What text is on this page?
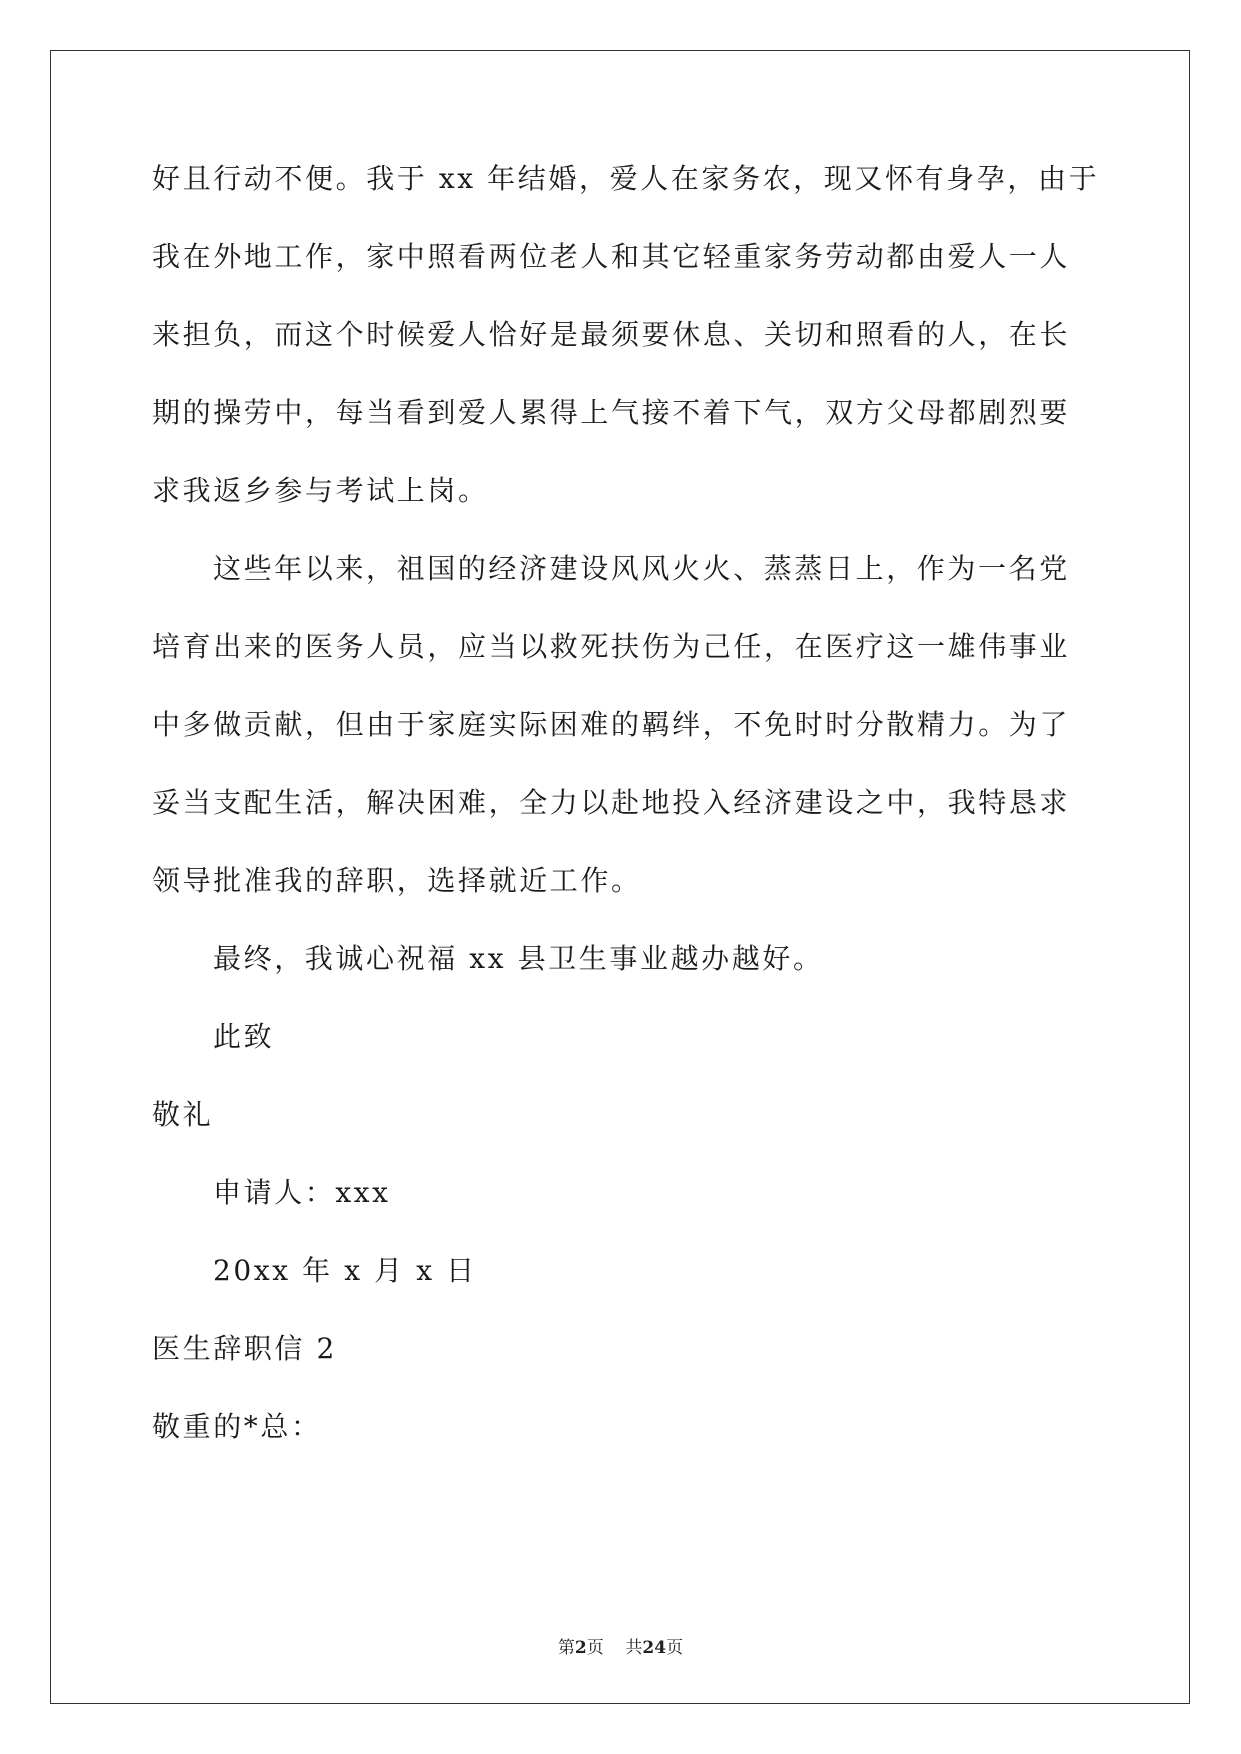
好且行动不便。我于 xx 年结婚，爱人在家务农，现又怀有身孕，由于
我在外地工作，家中照看两位老人和其它轻重家务劳动都由爱人一人
来担负，而这个时候爱人恰好是最须要休息、关切和照看的人，在长
期的操劳中，每当看到爱人累得上气接不着下气，双方父母都剧烈要
求我返乡参与考试上岗。
这些年以来，祖国的经济建设风风火火、蒸蒸日上，作为一名党
培育出来的医务人员，应当以救死扶伤为己任，在医疗这一雄伟事业
中多做贡献，但由于家庭实际困难的羁绊，不免时时分散精力。为了
妥当支配生活，解决困难，全力以赴地投入经济建设之中，我特恳求
领导批准我的辞职，选择就近工作。
最终，我诚心祝福 xx 县卫生事业越办越好。
此致
敬礼
申请人：xxx
20xx 年 x 月 x 日
医生辞职信 2
敬重的*总：
第2页 共24页
